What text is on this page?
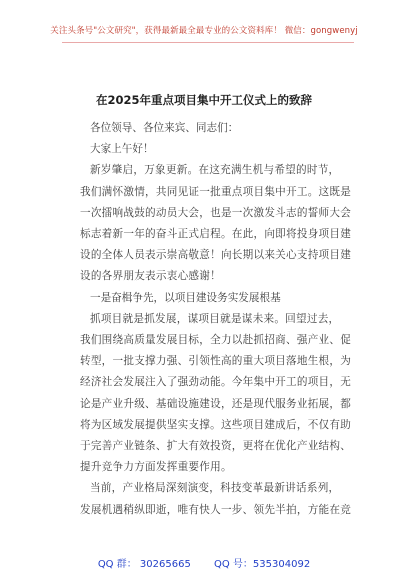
关注头条号"公文研究"，获得最新最全最专业的公文资料库！ 微信：gongwenyj
在2025年重点项目集中开工仪式上的致辞

各位领导、各位来宾、同志们：

大家上午好！

新岁肇启，万象更新。在这充满生机与希望的时节，

我们满怀激情，共同见证一批重点项目集中开工。这既是

一次擂响战鼓的动员大会，也是一次激发斗志的誓师大会

标志着新一年的奋斗正式启程。在此，向即将投身项目建

设的全体人员表示崇高敬意！向长期以来关心支持项目建

设的各界朋友表示衷心感谢！

一是奋楫争先，以项目建设务实发展根基

抓项目就是抓发展，谋项目就是谋未来。回望过去，

我们围绕高质量发展目标，全力以赴抓招商、强产业、促

转型，一批支撑力强、引领性高的重大项目落地生根，为

经济社会发展注入了强劲动能。今年集中开工的项目，无

论是产业升级、基础设施建设，还是现代服务业拓展，都

将为区域发展提供坚实支撑。这些项目建成后，不仅有助

于完善产业链条、扩大有效投资，更将在优化产业结构、

提升竞争力方面发挥重要作用。

当前，产业格局深刻演变，科技变革最新讲话系列，

发展机遇稍纵即逝，唯有快人一步、领先半拍，方能在竞

QQ 群： 30265665 QQ 号：535304092
